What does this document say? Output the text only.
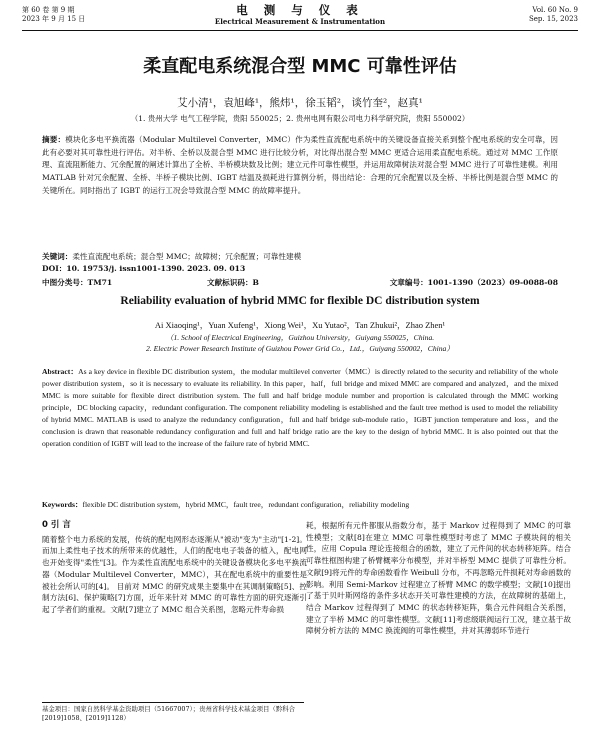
第 60 卷 第 9 期
2023 年 9 月 15 日
电 测 与 仪 表
Electrical Measurement & Instrumentation
Vol. 60 No. 9
Sep. 15, 2023
柔直配电系统混合型 MMC 可靠性评估
艾小清¹，袁旭峰¹，熊炜¹，徐玉韬²，谈竹奎²，赵真¹
（1. 贵州大学 电气工程学院，贵阳 550025；2. 贵州电网有限公司电力科学研究院，贵阳 550002）
摘要：模块化多电平换流器（Modular Multilevel Converter，MMC）作为柔性直流配电系统中的关键设备直接关系到整个配电系统的安全可靠，因此有必要对其可靠性进行评估。对半桥、全桥以及混合型 MMC 进行比较分析，对比得出混合型 MMC 更适合运用柔直配电系统。通过对 MMC 工作原理、直流阻断能力、冗余配置的阐述计算出了全桥、半桥模块数及比例；建立元件可靠性模型，并运用故障树法对混合型 MMC 进行了可靠性建模。利用 MATLAB 针对冗余配置、全桥、半桥子模块比例、IGBT 结温及损耗进行算例分析，得出结论：合理的冗余配置以及全桥、半桥比例是混合型 MMC 的关键所在。同时指出了 IGBT 的运行工况会导致混合型 MMC 的故障率提升。
关键词：柔性直流配电系统；混合型 MMC；故障树；冗余配置；可靠性建模
DOI：10. 19753/j. issn1001-1390. 2023. 09. 013
中图分类号：TM71	文献标识码：B	文章编号：1001-1390（2023）09-0088-08
Reliability evaluation of hybrid MMC for flexible DC distribution system
Ai Xiaoqing¹，Yuan Xufeng¹，Xiong Wei¹，Xu Yutao²，Tan Zhukui²，Zhao Zhen¹
（1. School of Electrical Engineering，Guizhou University，Guiyang 550025，China.
2. Electric Power Research Institute of Guizhou Power Grid Co.，Ltd.，Guiyang 550002，China）
Abstract：As a key device in flexible DC distribution system，the modular multilevel converter（MMC）is directly related to the security and reliability of the whole power distribution system，so it is necessary to evaluate its reliability. In this paper，half，full bridge and mixed MMC are compared and analyzed，and the mixed MMC is more suitable for flexible direct distribution system. The full and half bridge module number and proportion is calculated through the MMC working principle，DC blocking capacity，redundant configuration. The component reliability modeling is established and the fault tree method is used to model the reliability of hybrid MMC. MATLAB is used to analyze the redundancy configuration，full and half bridge sub-module ratio，IGBT junction temperature and loss，and the conclusion is drawn that reasonable redundancy configuration and full and half bridge ratio are the key to the design of hybrid MMC. It is also pointed out that the operation condition of IGBT will lead to the increase of the failure rate of hybrid MMC.
Keywords：flexible DC distribution system，hybrid MMC，fault tree，redundant configuration，reliability modeling
0 引 言
随着整个电力系统的发展，传统的配电网形态逐渐从"被动"变为"主动"[1-2]。而加上柔性电子技术的所带来的优越性，人们的配电电子装备的植入，配电网也开始变得"柔性"[3]。作为柔性直流配电系统中的关键设备模块化多电平换流器（Modular Multilevel Converter，MMC），其在配电系统中的重要性是被社会所认可的[4]。 目前对 MMC 的研究成果主要集中在其调制策略[5]、控制方法[6]、保护策略[7]方面，近年来针对 MMC 的可靠性方面的研究逐渐引起了学者们的重视。文献[7]建立了 MMC 组合关系图，忽略元件寿命损
耗，根据所有元件都服从指数分布，基于 Markov 过程得到了 MMC 的可靠性模型；文献[8]在建立 MMC 可靠性模型时考虑了 MMC 子模块间的相关性，应用 Copula 理论连接组合的函数，建立了元件间的状态转移矩阵。结合可靠性框图构建了桥臂概率分布模型，并对半桥型 MMC 提供了可靠性分析。文献[9]将元件的寿命函数看作 Weibull 分布，不再忽略元件损耗对寿命函数的影响。利用 Semi-Markov 过程建立了桥臂 MMC 的数学模型；文献[10]提出了基于贝叶斯网络的条件多状态开关可靠性建模的方法，在故障树的基础上，结合 Markov 过程得到了 MMC 的状态转移矩阵，集合元件间组合关系图，建立了半桥 MMC 的可靠性模型。文献[11]考虑级联阀运行工况，建立基于故障树分析方法的 MMC 换流阀的可靠性模型，并对其薄弱环节进行
基金项目：国家自然科学基金资助项目（51667007）；贵州省科学技术基金项目（黔科合 [2019]1058、[2019]1128）
